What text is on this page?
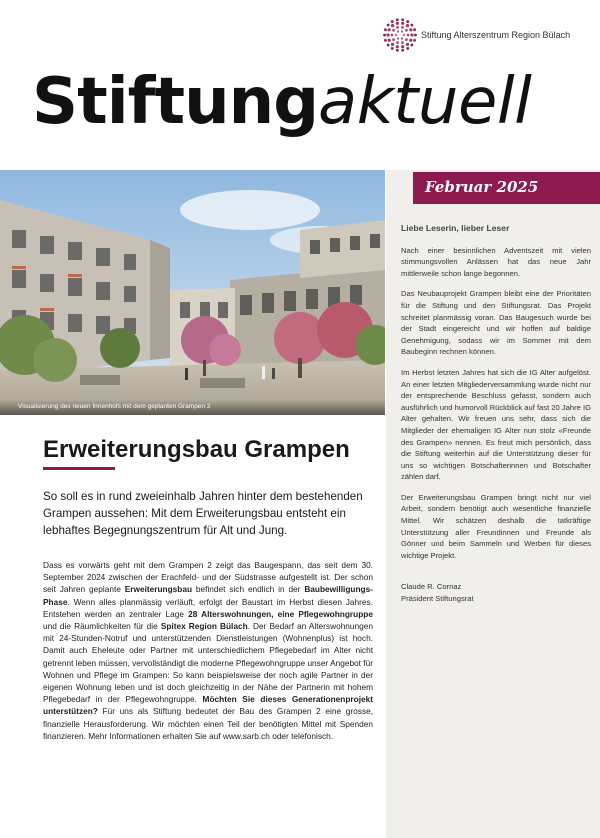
Stiftung Alterszentrum Region Bülach
Stiftungaktuell
Visualisierung des neuen Innenhofs mit dem geplanten Grampen 2
Februar 2025
Liebe Leserin, lieber Leser

Nach einer besinnlichen Adventszeit mit vielen stimmungsvollen Anlässen hat das neue Jahr mittlerweile schon lange begonnen.

Das Neubauprojekt Grampen bleibt eine der Prioritäten für die Stiftung und den Stiftungsrat. Das Projekt schreitet planmässig voran. Das Baugesuch wurde bei der Stadt eingereicht und wir hoffen auf baldige Genehmigung, sodass wir im Sommer mit dem Baubeginn rechnen können.

Im Herbst letzten Jahres hat sich die IG Alter aufgelöst. An einer letzten Mitgliederversammlung wurde nicht nur der entsprechende Beschluss gefasst, sondern auch ausführlich und humorvoll Rückblick auf fast 20 Jahre IG Alter gehalten. Wir freuen uns sehr, dass sich die Mitglieder der ehemaligen IG Alter nun stolz «Freunde des Grampen» nennen. Es freut mich persönlich, dass die Stiftung weiterhin auf die Unterstützung dieser für uns so wichtigen Botschafterinnen und Botschafter zählen darf.

Der Erweiterungsbau Grampen bringt nicht nur viel Arbeit, sondern benötigt auch wesentliche finanzielle Mittel. Wir schätzen deshalb die tatkräftige Unterstützung aller Freundinnen und Freunde als Gönner und beim Sammeln und Werben für dieses wichtige Projekt.

Claude R. Cornaz
Präsident Stiftungsrat
Erweiterungsbau Grampen
So soll es in rund zweieinhalb Jahren hinter dem bestehenden Grampen aussehen: Mit dem Erweiterungsbau entsteht ein lebhaftes Begegnungszentrum für Alt und Jung.
Dass es vorwärts geht mit dem Grampen 2 zeigt das Baugespann, das seit dem 30. September 2024 zwischen der Erachfeld- und der Südstrasse aufgestellt ist. Der schon seit Jahren geplante Erweiterungsbau befindet sich endlich in der Baubewilligungs-Phase. Wenn alles planmässig verläuft, erfolgt der Baustart im Herbst diesen Jahres. Entstehen werden an zentraler Lage 28 Alterswohnungen, eine Pflegewohngruppe und die Räumlichkeiten für die Spitex Region Bülach. Der Bedarf an Alterswohnungen mit 24-Stunden-Notruf und unterstützenden Dienstleistungen (Wohnenplus) ist hoch. Damit auch Eheleute oder Partner mit unterschiedlichem Pflegebedarf im Alter nicht getrennt leben müssen, vervollständigt die moderne Pflegewohngruppe unser Angebot für Wohnen und Pflege im Grampen: So kann beispielsweise der noch agile Partner in der eigenen Wohnung leben und ist doch gleichzeitig in der Nähe der Partnerin mit hohem Pflegebedarf in der Pflegewohngruppe. Möchten Sie dieses Generationenprojekt unterstützen? Für uns als Stiftung bedeutet der Bau des Grampen 2 eine grosse, finanzielle Herausforderung. Wir möchten einen Teil der benötigten Mittel mit Spenden finanzieren. Mehr Informationen erhalten Sie auf www.sarb.ch oder telefonisch.
